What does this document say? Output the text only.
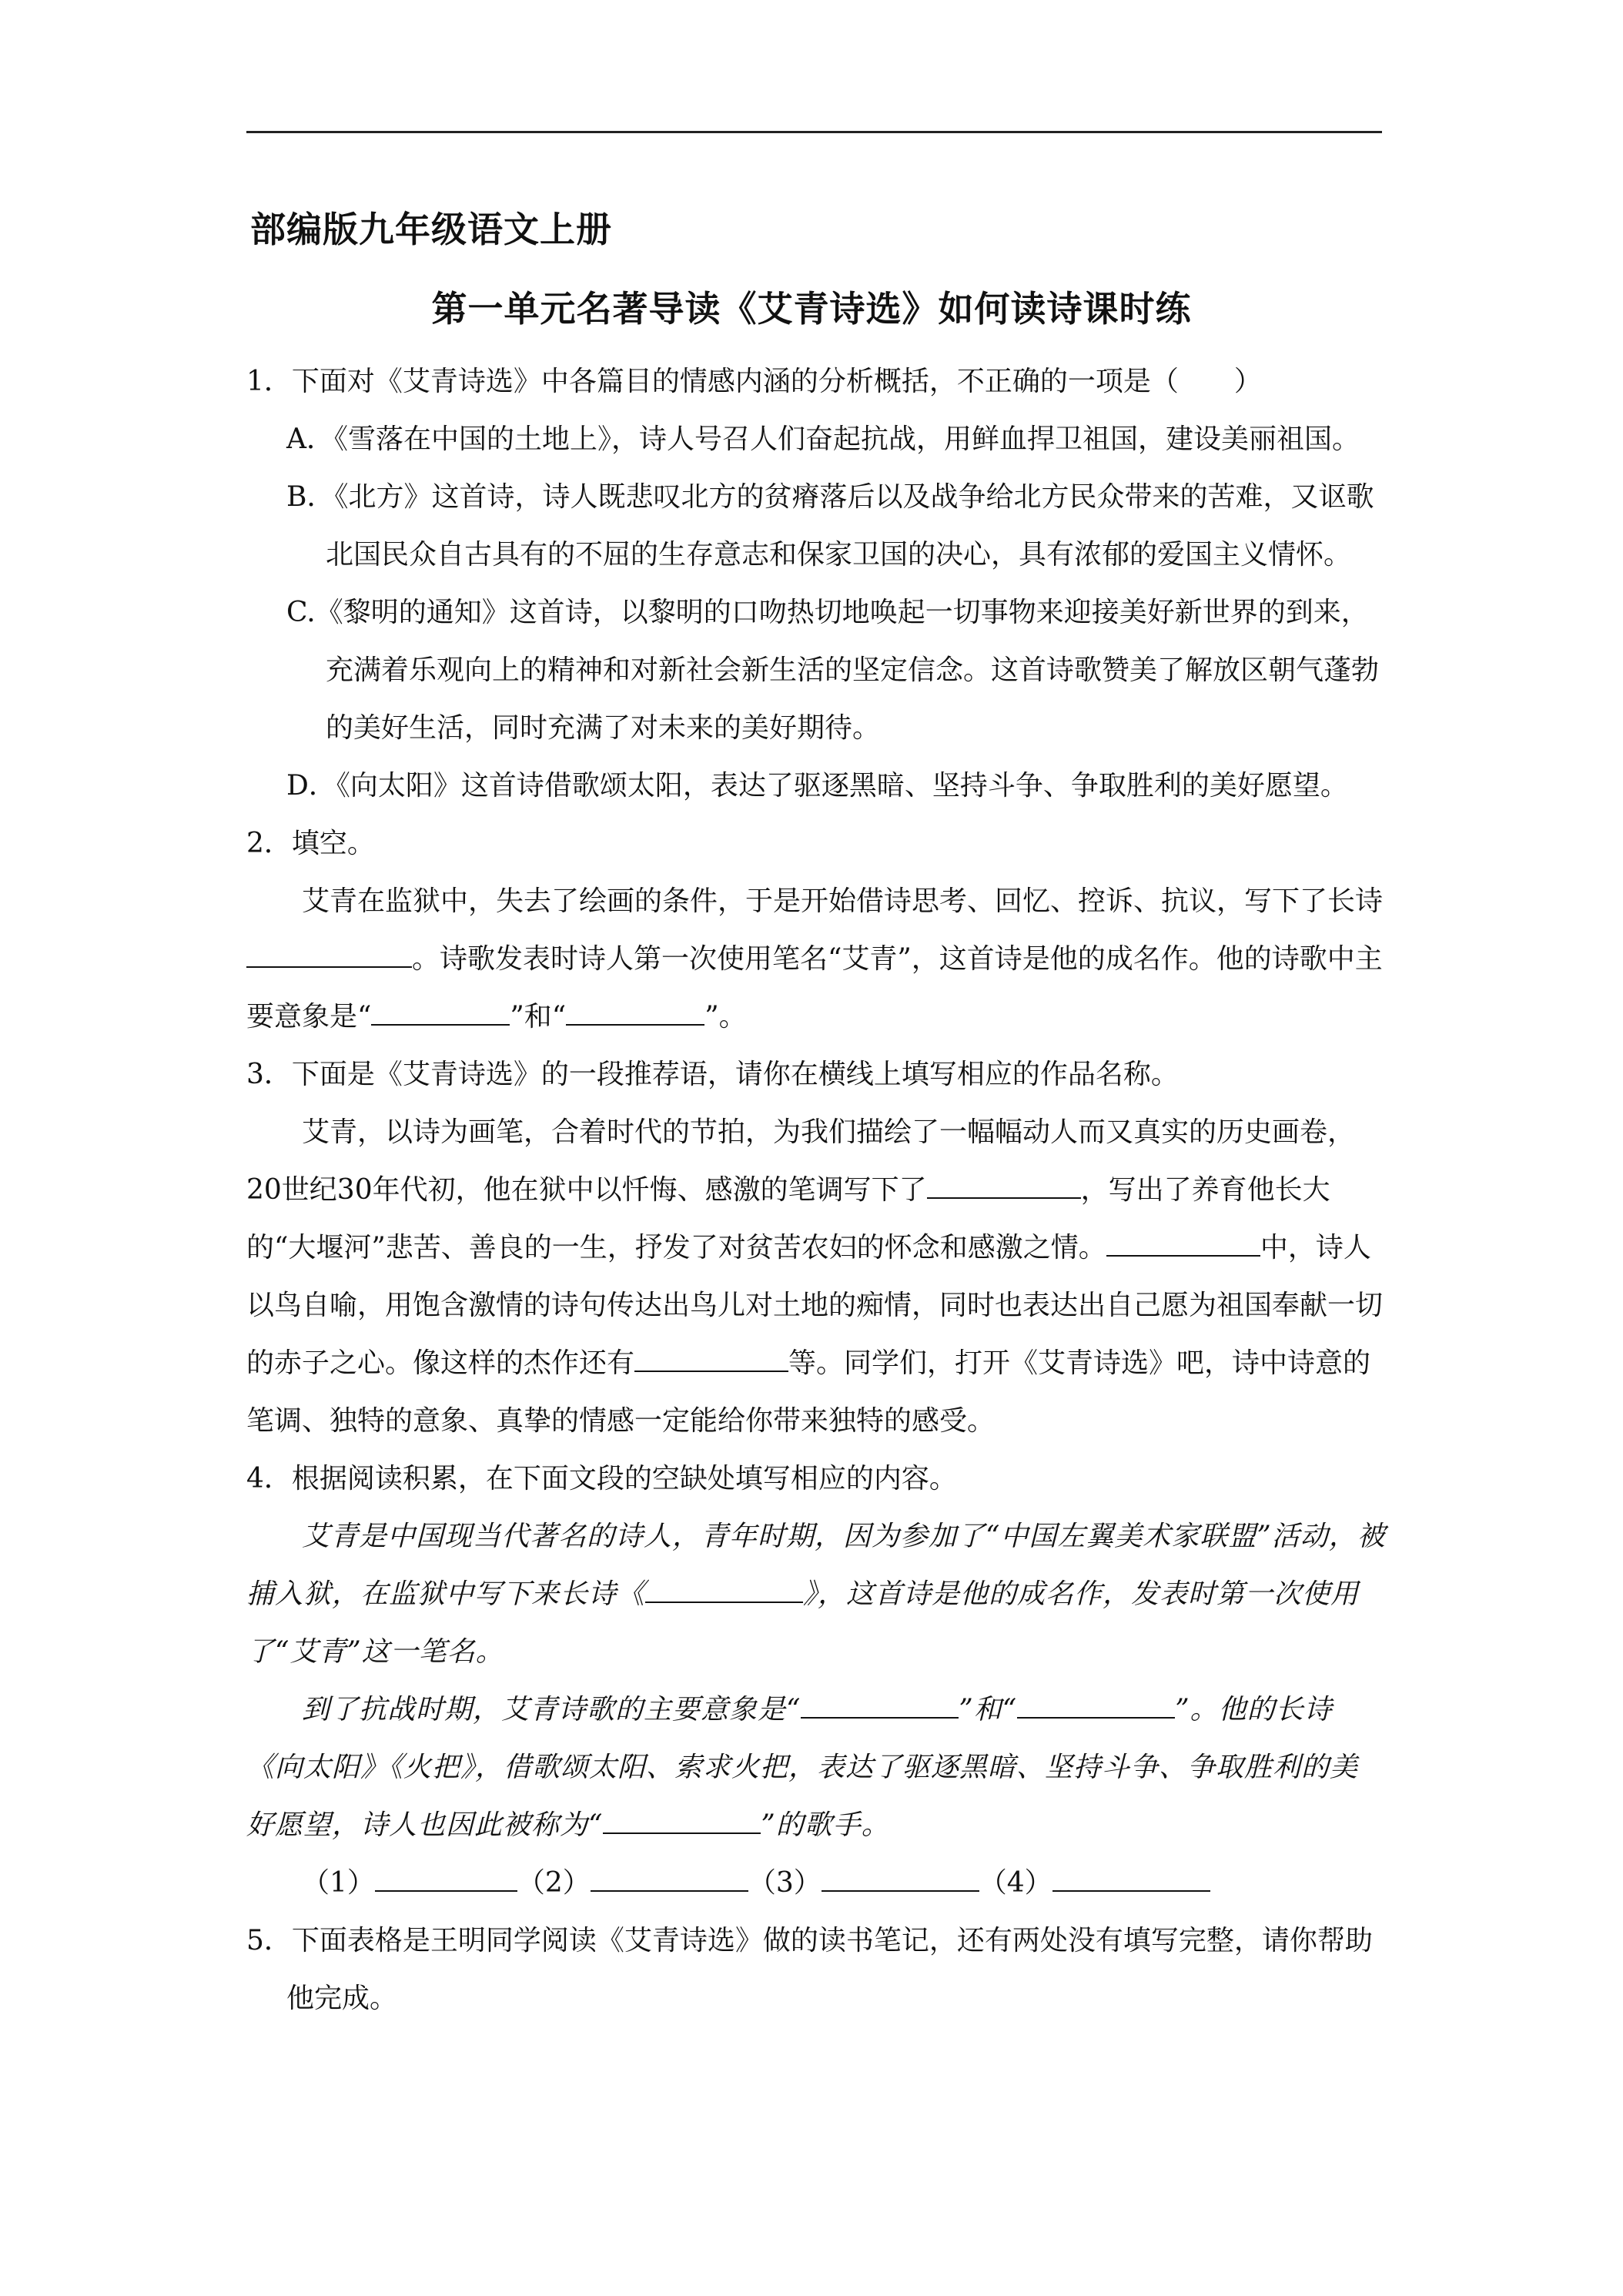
部编版九年级语文上册
第一单元名著导读《艾青诗选》如何读诗课时练

1．下面对《艾青诗选》中各篇目的情感内涵的分析概括，不正确的一项是（　　）

A．《雪落在中国的土地上》，诗人号召人们奋起抗战，用鲜血捍卫祖国，建设美丽祖国。

B．《北方》这首诗，诗人既悲叹北方的贫瘠落后以及战争给北方民众带来的苦难，又讴歌北国民众自古具有的不屈的生存意志和保家卫国的决心，具有浓郁的爱国主义情怀。

C.《黎明的通知》这首诗，以黎明的口吻热切地唤起一切事物来迎接美好新世界的到来，充满着乐观向上的精神和对新社会新生活的坚定信念。这首诗歌赞美了解放区朝气蓬勃的美好生活，同时充满了对未来的美好期待。

D．《向太阳》这首诗借歌颂太阳，表达了驱逐黑暗、坚持斗争、争取胜利的美好愿望。

2．填空。

艾青在监狱中，失去了绘画的条件，于是开始借诗思考、回忆、控诉、抗议，写下了长诗。诗歌发表时诗人第一次使用笔名“艾青”，这首诗是他的成名作。他的诗歌中主要意象是“	”和“	”。

3．下面是《艾青诗选》的一段推荐语，请你在横线上填写相应的作品名称。

艾青，以诗为画笔，合着时代的节拍，为我们描绘了一幅幅动人而又真实的历史画卷，20世纪30年代初，他在狱中以忏悔、感激的笔调写下了	，写出了养育他长大的“大堰河”悲苦、善良的一生，抒发了对贫苦农妇的怀念和感激之情。	中，诗人以鸟自喻，用饱含激情的诗句传达出鸟儿对土地的痴情，同时也表达出自己愿为祖国奉献一切的赤子之心。像这样的杰作还有	等。同学们，打开《艾青诗选》吧，诗中诗意的笔调、独特的意象、真挚的情感一定能给你带来独特的感受。

4．根据阅读积累，在下面文段的空缺处填写相应的内容。

艾青是中国现当代著名的诗人，青年时期，因为参加了“中国左翼美术家联盟”活动，被捕入狱，在监狱中写下来长诗《	》，这首诗是他的成名作，发表时第一次使用了“艾青”这一笔名。

到了抗战时期，艾青诗歌的主要意象是“	”和“	”。他的长诗《向太阳》《火把》，借歌颂太阳、索求火把，表达了驱逐黑暗、坚持斗争、争取胜利的美好愿望，诗人也因此被称为“	”的歌手。

（1）	（2）	（3）	（4）

5．下面表格是王明同学阅读《艾青诗选》做的读书笔记，还有两处没有填写完整，请你帮助他完成。
